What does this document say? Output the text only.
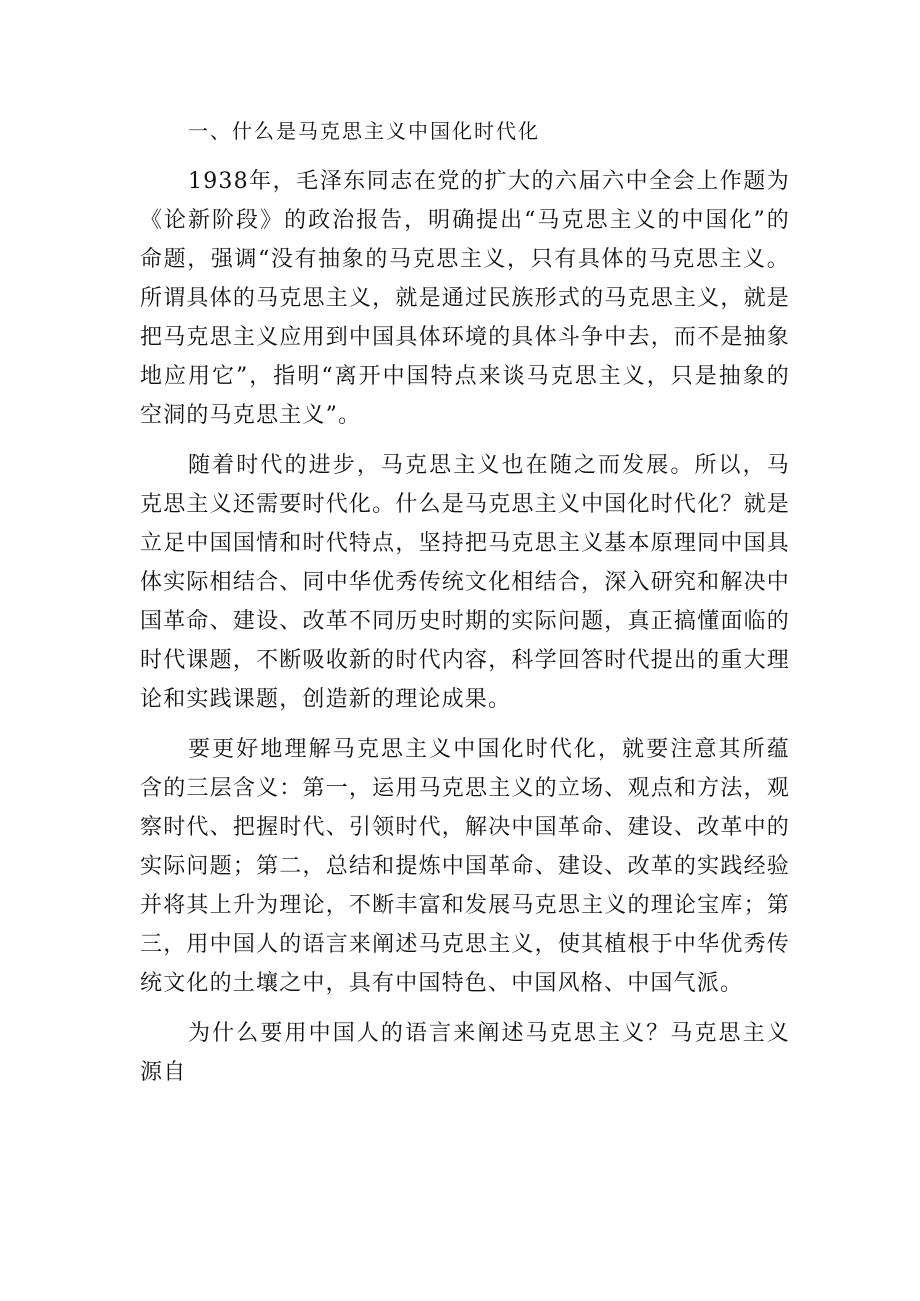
一、什么是马克思主义中国化时代化

1938年，毛泽东同志在党的扩大的六届六中全会上作题为《论新阶段》的政治报告，明确提出“马克思主义的中国化”的命题，强调“没有抽象的马克思主义，只有具体的马克思主义。所谓具体的马克思主义，就是通过民族形式的马克思主义，就是把马克思主义应用到中国具体环境的具体斗争中去，而不是抽象地应用它”，指明“离开中国特点来谈马克思主义，只是抽象的空洞的马克思主义”。

随着时代的进步，马克思主义也在随之而发展。所以，马克思主义还需要时代化。什么是马克思主义中国化时代化？就是立足中国国情和时代特点，坚持把马克思主义基本原理同中国具体实际相结合、同中华优秀传统文化相结合，深入研究和解决中国革命、建设、改革不同历史时期的实际问题，真正搞懂面临的时代课题，不断吸收新的时代内容，科学回答时代提出的重大理论和实践课题，创造新的理论成果。

要更好地理解马克思主义中国化时代化，就要注意其所蕴含的三层含义：第一，运用马克思主义的立场、观点和方法，观察时代、把握时代、引领时代，解决中国革命、建设、改革中的实际问题；第二，总结和提炼中国革命、建设、改革的实践经验并将其上升为理论，不断丰富和发展马克思主义的理论宝库；第三，用中国人的语言来阐述马克思主义，使其植根于中华优秀传统文化的土壤之中，具有中国特色、中国风格、中国气派。

为什么要用中国人的语言来阐述马克思主义？马克思主义源自
